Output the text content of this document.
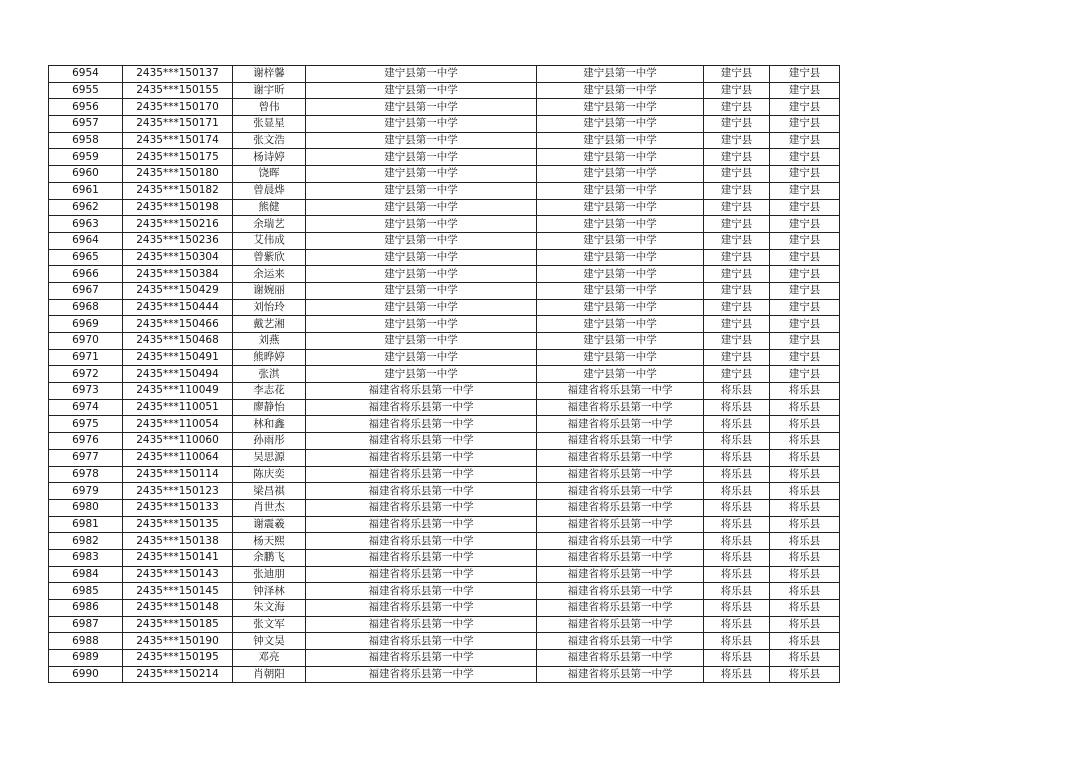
6954	2435***150137	谢梓馨	建宁县第一中学	建宁县第一中学	建宁县	建宁县
6955	2435***150155	谢宇昕	建宁县第一中学	建宁县第一中学	建宁县	建宁县
6956	2435***150170	曾伟	建宁县第一中学	建宁县第一中学	建宁县	建宁县
6957	2435***150171	张显星	建宁县第一中学	建宁县第一中学	建宁县	建宁县
6958	2435***150174	张文浩	建宁县第一中学	建宁县第一中学	建宁县	建宁县
6959	2435***150175	杨诗婷	建宁县第一中学	建宁县第一中学	建宁县	建宁县
6960	2435***150180	饶晖	建宁县第一中学	建宁县第一中学	建宁县	建宁县
6961	2435***150182	曾晨烨	建宁县第一中学	建宁县第一中学	建宁县	建宁县
6962	2435***150198	熊健	建宁县第一中学	建宁县第一中学	建宁县	建宁县
6963	2435***150216	余瑞艺	建宁县第一中学	建宁县第一中学	建宁县	建宁县
6964	2435***150236	艾伟成	建宁县第一中学	建宁县第一中学	建宁县	建宁县
6965	2435***150304	曾紫欣	建宁县第一中学	建宁县第一中学	建宁县	建宁县
6966	2435***150384	余运来	建宁县第一中学	建宁县第一中学	建宁县	建宁县
6967	2435***150429	谢婉丽	建宁县第一中学	建宁县第一中学	建宁县	建宁县
6968	2435***150444	刘怡玲	建宁县第一中学	建宁县第一中学	建宁县	建宁县
6969	2435***150466	戴艺湘	建宁县第一中学	建宁县第一中学	建宁县	建宁县
6970	2435***150468	刘燕	建宁县第一中学	建宁县第一中学	建宁县	建宁县
6971	2435***150491	熊晔婷	建宁县第一中学	建宁县第一中学	建宁县	建宁县
6972	2435***150494	张淇	建宁县第一中学	建宁县第一中学	建宁县	建宁县
6973	2435***110049	李志花	福建省将乐县第一中学	福建省将乐县第一中学	将乐县	将乐县
6974	2435***110051	廖静怡	福建省将乐县第一中学	福建省将乐县第一中学	将乐县	将乐县
6975	2435***110054	林和鑫	福建省将乐县第一中学	福建省将乐县第一中学	将乐县	将乐县
6976	2435***110060	孙雨彤	福建省将乐县第一中学	福建省将乐县第一中学	将乐县	将乐县
6977	2435***110064	吴思源	福建省将乐县第一中学	福建省将乐县第一中学	将乐县	将乐县
6978	2435***150114	陈庆奕	福建省将乐县第一中学	福建省将乐县第一中学	将乐县	将乐县
6979	2435***150123	梁昌祺	福建省将乐县第一中学	福建省将乐县第一中学	将乐县	将乐县
6980	2435***150133	肖世杰	福建省将乐县第一中学	福建省将乐县第一中学	将乐县	将乐县
6981	2435***150135	谢震羲	福建省将乐县第一中学	福建省将乐县第一中学	将乐县	将乐县
6982	2435***150138	杨天熙	福建省将乐县第一中学	福建省将乐县第一中学	将乐县	将乐县
6983	2435***150141	余鹏飞	福建省将乐县第一中学	福建省将乐县第一中学	将乐县	将乐县
6984	2435***150143	张迪朋	福建省将乐县第一中学	福建省将乐县第一中学	将乐县	将乐县
6985	2435***150145	钟泽林	福建省将乐县第一中学	福建省将乐县第一中学	将乐县	将乐县
6986	2435***150148	朱文海	福建省将乐县第一中学	福建省将乐县第一中学	将乐县	将乐县
6987	2435***150185	张文军	福建省将乐县第一中学	福建省将乐县第一中学	将乐县	将乐县
6988	2435***150190	钟文昊	福建省将乐县第一中学	福建省将乐县第一中学	将乐县	将乐县
6989	2435***150195	邓亮	福建省将乐县第一中学	福建省将乐县第一中学	将乐县	将乐县
6990	2435***150214	肖朝阳	福建省将乐县第一中学	福建省将乐县第一中学	将乐县	将乐县
